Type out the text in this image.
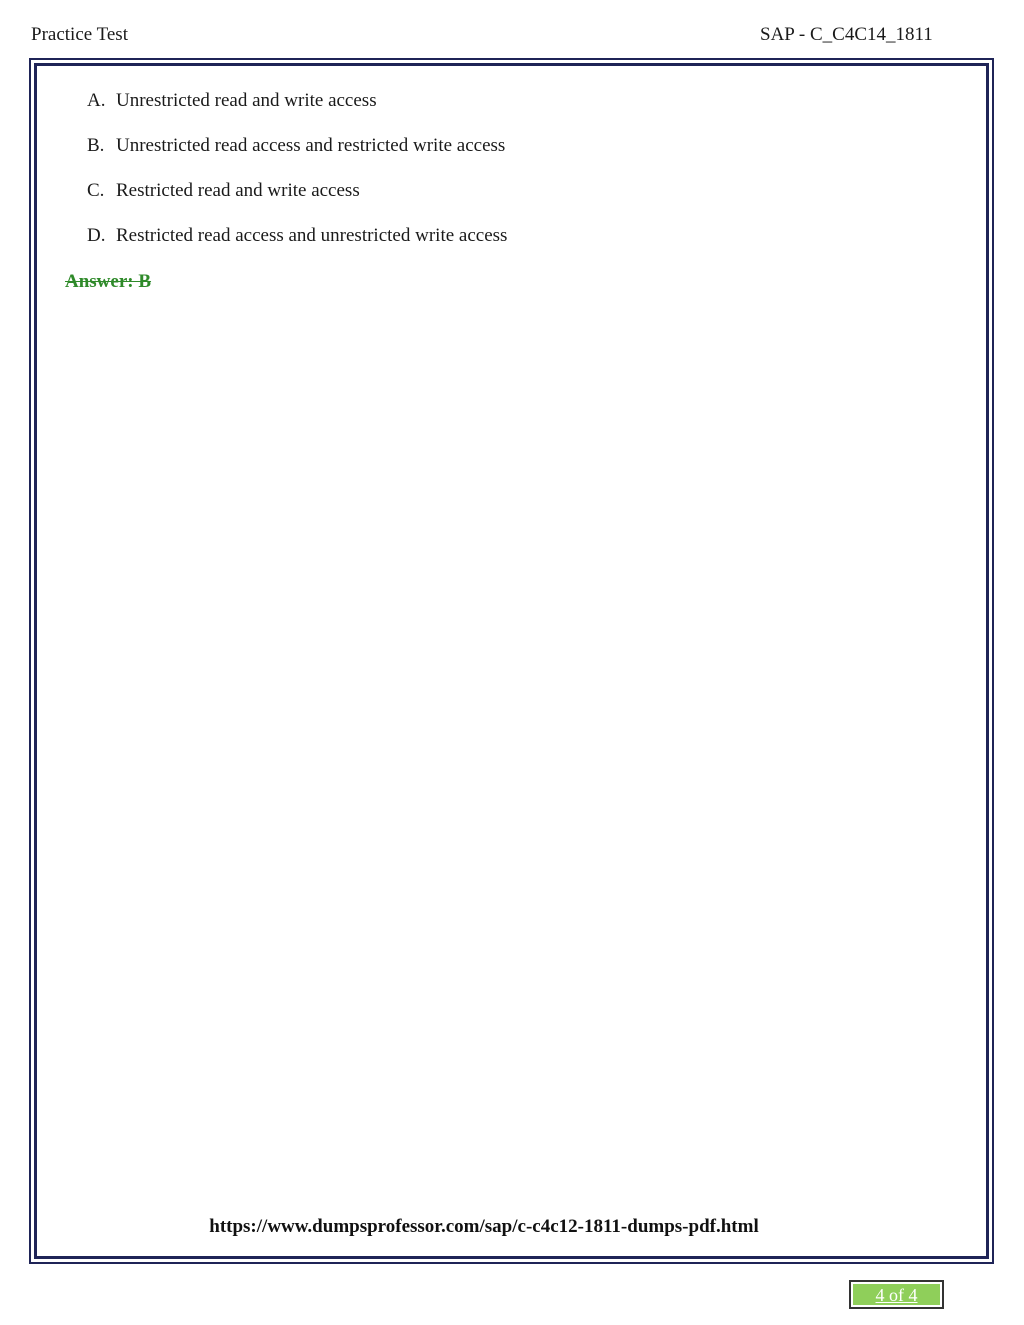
Practice Test	SAP - C_C4C14_1811
A. Unrestricted read and write access
B. Unrestricted read access and restricted write access
C. Restricted read and write access
D. Restricted read access and unrestricted write access
Answer: B
https://www.dumpsprofessor.com/sap/c-c4c12-1811-dumps-pdf.html
4 of 4
